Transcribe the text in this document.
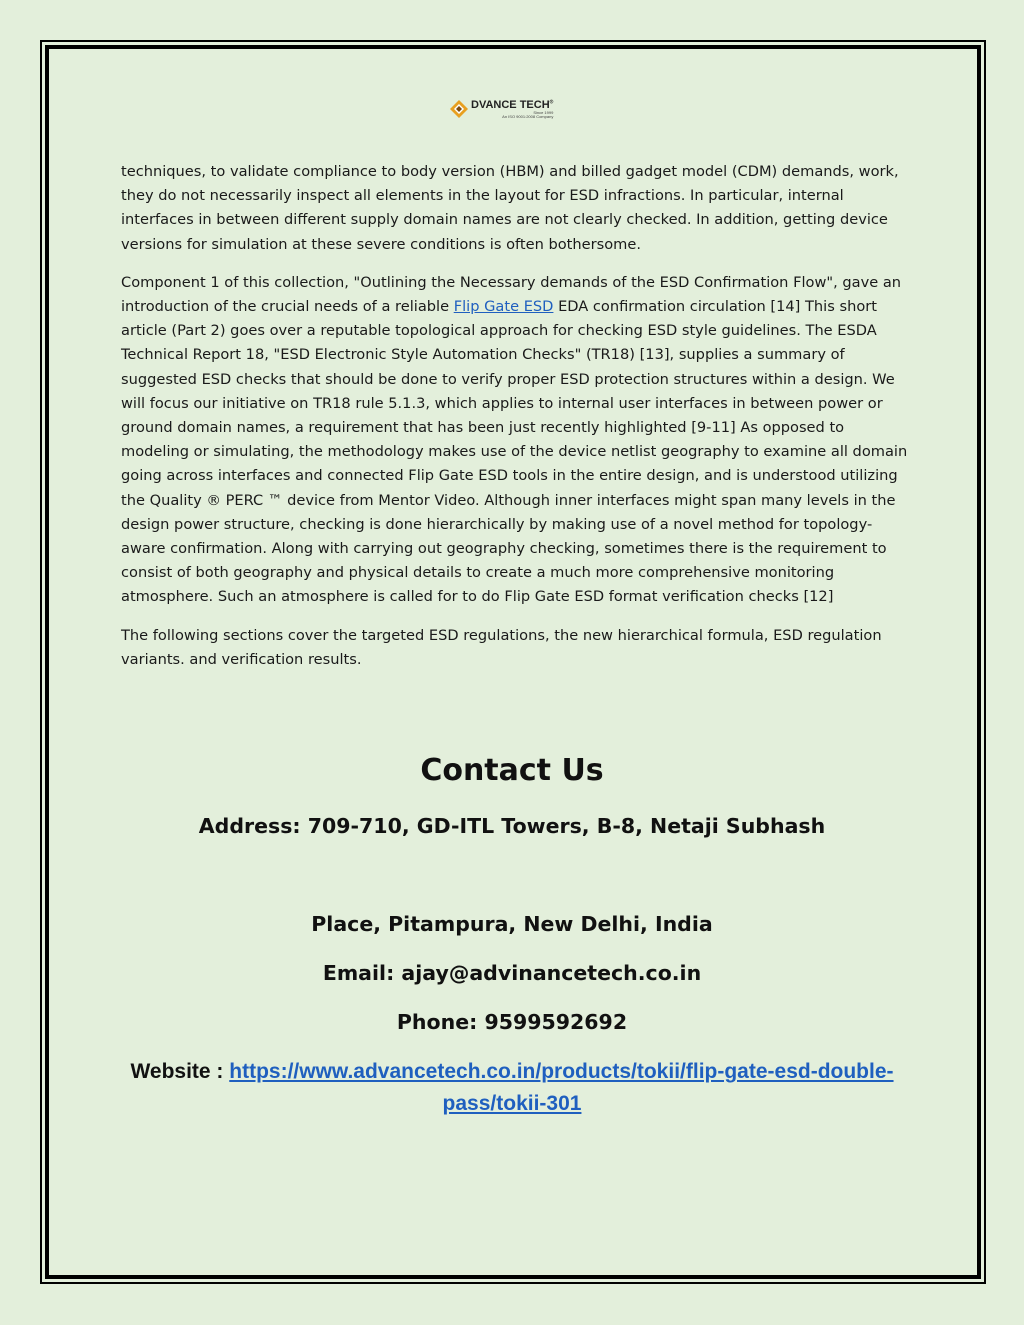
DVANCE TECH®
Since 1999
An ISO 9001:2008 Company

techniques, to validate compliance to body version (HBM) and billed gadget model (CDM) demands, work, they do not necessarily inspect all elements in the layout for ESD infractions. In particular, internal interfaces in between different supply domain names are not clearly checked. In addition, getting device versions for simulation at these severe conditions is often bothersome.

Component 1 of this collection, "Outlining the Necessary demands of the ESD Confirmation Flow", gave an introduction of the crucial needs of a reliable Flip Gate ESD EDA confirmation circulation [14] This short article (Part 2) goes over a reputable topological approach for checking ESD style guidelines. The ESDA Technical Report 18, "ESD Electronic Style Automation Checks" (TR18) [13], supplies a summary of suggested ESD checks that should be done to verify proper ESD protection structures within a design. We will focus our initiative on TR18 rule 5.1.3, which applies to internal user interfaces in between power or ground domain names, a requirement that has been just recently highlighted [9-11] As opposed to modeling or simulating, the methodology makes use of the device netlist geography to examine all domain going across interfaces and connected Flip Gate ESD tools in the entire design, and is understood utilizing the Quality ® PERC ™ device from Mentor Video. Although inner interfaces might span many levels in the design power structure, checking is done hierarchically by making use of a novel method for topology-aware confirmation. Along with carrying out geography checking, sometimes there is the requirement to consist of both geography and physical details to create a much more comprehensive monitoring atmosphere. Such an atmosphere is called for to do Flip Gate ESD format verification checks [12]

The following sections cover the targeted ESD regulations, the new hierarchical formula, ESD regulation variants. and verification results.

Contact Us
Address: 709-710, GD-ITL Towers, B-8, Netaji Subhash
Place, Pitampura, New Delhi, India
Email: ajay@advinancetech.co.in
Phone: 9599592692
Website : https://www.advancetech.co.in/products/tokii/flip-gate-esd-double-pass/tokii-301
